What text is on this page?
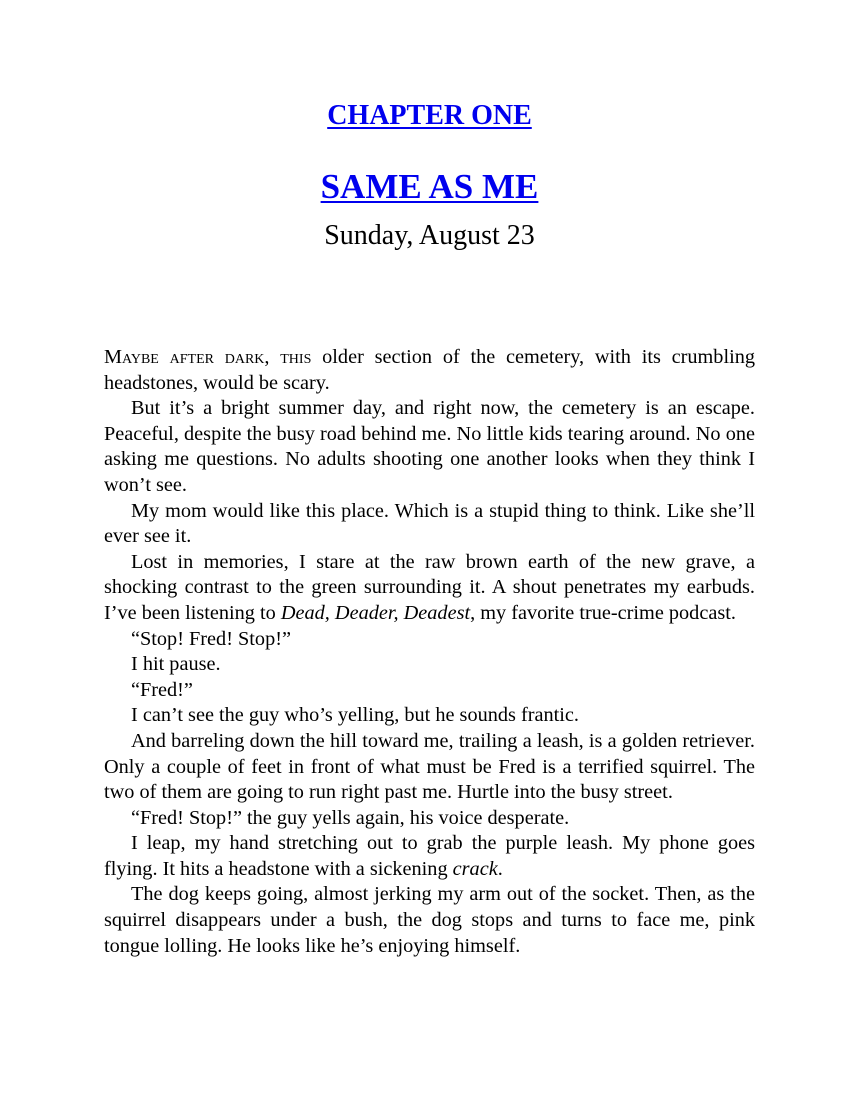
CHAPTER ONE
SAME AS ME
Sunday, August 23

Maybe after dark, this older section of the cemetery, with its crumbling headstones, would be scary.

But it’s a bright summer day, and right now, the cemetery is an escape. Peaceful, despite the busy road behind me. No little kids tearing around. No one asking me questions. No adults shooting one another looks when they think I won’t see.

My mom would like this place. Which is a stupid thing to think. Like she’ll ever see it.

Lost in memories, I stare at the raw brown earth of the new grave, a shocking contrast to the green surrounding it. A shout penetrates my earbuds. I’ve been listening to Dead, Deader, Deadest, my favorite true-crime podcast.

“Stop! Fred! Stop!”

I hit pause.

“Fred!”

I can’t see the guy who’s yelling, but he sounds frantic.

And barreling down the hill toward me, trailing a leash, is a golden retriever. Only a couple of feet in front of what must be Fred is a terrified squirrel. The two of them are going to run right past me. Hurtle into the busy street.

“Fred! Stop!” the guy yells again, his voice desperate.

I leap, my hand stretching out to grab the purple leash. My phone goes flying. It hits a headstone with a sickening crack.

The dog keeps going, almost jerking my arm out of the socket. Then, as the squirrel disappears under a bush, the dog stops and turns to face me, pink tongue lolling. He looks like he’s enjoying himself.
